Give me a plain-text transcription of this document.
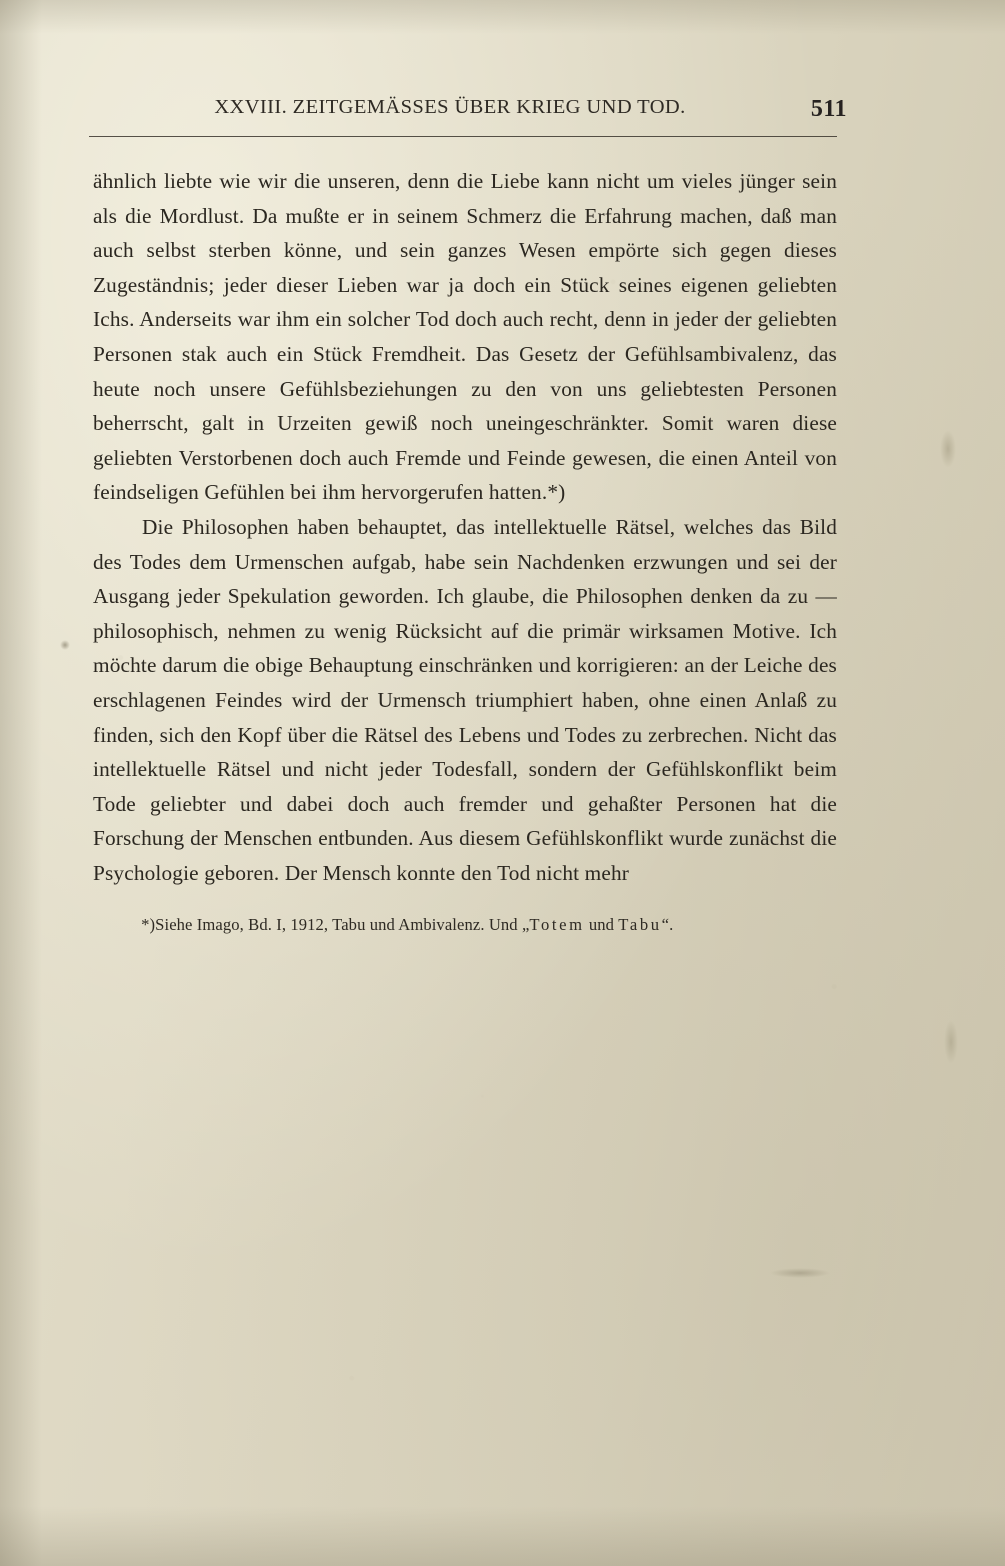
XXVIII. ZEITGEMÄSSES ÜBER KRIEG UND TOD.	511

ähnlich liebte wie wir die unseren, denn die Liebe kann nicht um vieles jünger sein als die Mordlust. Da mußte er in seinem Schmerz die Erfahrung machen, daß man auch selbst sterben könne, und sein ganzes Wesen empörte sich gegen dieses Zugeständnis; jeder dieser Lieben war ja doch ein Stück seines eigenen geliebten Ichs. Anderseits war ihm ein solcher Tod doch auch recht, denn in jeder der geliebten Personen stak auch ein Stück Fremdheit. Das Gesetz der Gefühlsambivalenz, das heute noch unsere Gefühlsbeziehungen zu den von uns geliebtesten Personen beherrscht, galt in Urzeiten gewiß noch uneingeschränkter. Somit waren diese geliebten Verstorbenen doch auch Fremde und Feinde gewesen, die einen Anteil von feindseligen Gefühlen bei ihm hervorgerufen hatten.*)

Die Philosophen haben behauptet, das intellektuelle Rätsel, welches das Bild des Todes dem Urmenschen aufgab, habe sein Nachdenken erzwungen und sei der Ausgang jeder Spekulation geworden. Ich glaube, die Philosophen denken da zu — philosophisch, nehmen zu wenig Rücksicht auf die primär wirksamen Motive. Ich möchte darum die obige Behauptung einschränken und korrigieren: an der Leiche des erschlagenen Feindes wird der Urmensch triumphiert haben, ohne einen Anlaß zu finden, sich den Kopf über die Rätsel des Lebens und Todes zu zerbrechen. Nicht das intellektuelle Rätsel und nicht jeder Todesfall, sondern der Gefühlskonflikt beim Tode geliebter und dabei doch auch fremder und gehaßter Personen hat die Forschung der Menschen entbunden. Aus diesem Gefühlskonflikt wurde zunächst die Psychologie geboren. Der Mensch konnte den Tod nicht mehr

*)Siehe Imago, Bd. I, 1912, Tabu und Ambivalenz. Und „Totem und Tabu“.
